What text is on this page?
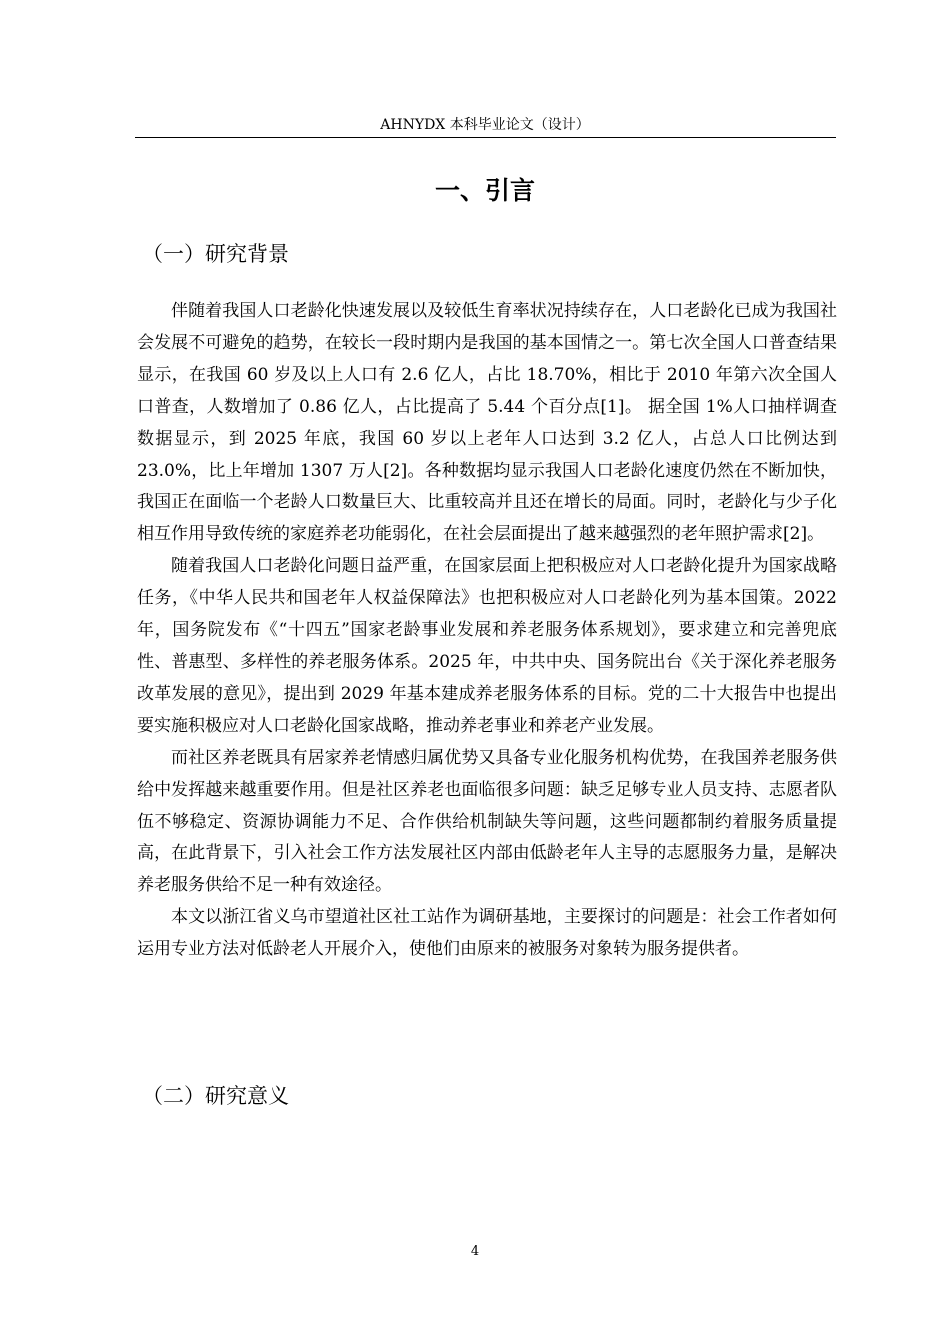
AHNYDX 本科毕业论文（设计）
一、引言
（一）研究背景

伴随着我国人口老龄化快速发展以及较低生育率状况持续存在，人口老龄化已成为我国社会发展不可避免的趋势，在较长一段时期内是我国的基本国情之一。第七次全国人口普查结果显示，在我国 60 岁及以上人口有 2.6 亿人，占比 18.70%，相比于 2010 年第六次全国人口普查，人数增加了 0.86 亿人，占比提高了 5.44 个百分点[1]。 据全国 1%人口抽样调查数据显示，到 2025 年底，我国 60 岁以上老年人口达到 3.2 亿人，占总人口比例达到 23.0%，比上年增加 1307 万人[2]。各种数据均显示我国人口老龄化速度仍然在不断加快，我国正在面临一个老龄人口数量巨大、比重较高并且还在增长的局面。同时，老龄化与少子化相互作用导致传统的家庭养老功能弱化，在社会层面提出了越来越强烈的老年照护需求[2]。

随着我国人口老龄化问题日益严重，在国家层面上把积极应对人口老龄化提升为国家战略任务，《中华人民共和国老年人权益保障法》也把积极应对人口老龄化列为基本国策。2022 年，国务院发布《“十四五”国家老龄事业发展和养老服务体系规划》，要求建立和完善兜底性、普惠型、多样性的养老服务体系。2025 年，中共中央、国务院出台《关于深化养老服务改革发展的意见》，提出到 2029 年基本建成养老服务体系的目标。党的二十大报告中也提出要实施积极应对人口老龄化国家战略，推动养老事业和养老产业发展。

而社区养老既具有居家养老情感归属优势又具备专业化服务机构优势，在我国养老服务供给中发挥越来越重要作用。但是社区养老也面临很多问题：缺乏足够专业人员支持、志愿者队伍不够稳定、资源协调能力不足、合作供给机制缺失等问题，这些问题都制约着服务质量提高，在此背景下，引入社会工作方法发展社区内部由低龄老年人主导的志愿服务力量，是解决养老服务供给不足一种有效途径。

本文以浙江省义乌市望道社区社工站作为调研基地，主要探讨的问题是：社会工作者如何运用专业方法对低龄老人开展介入，使他们由原来的被服务对象转为服务提供者。

（二）研究意义
4
